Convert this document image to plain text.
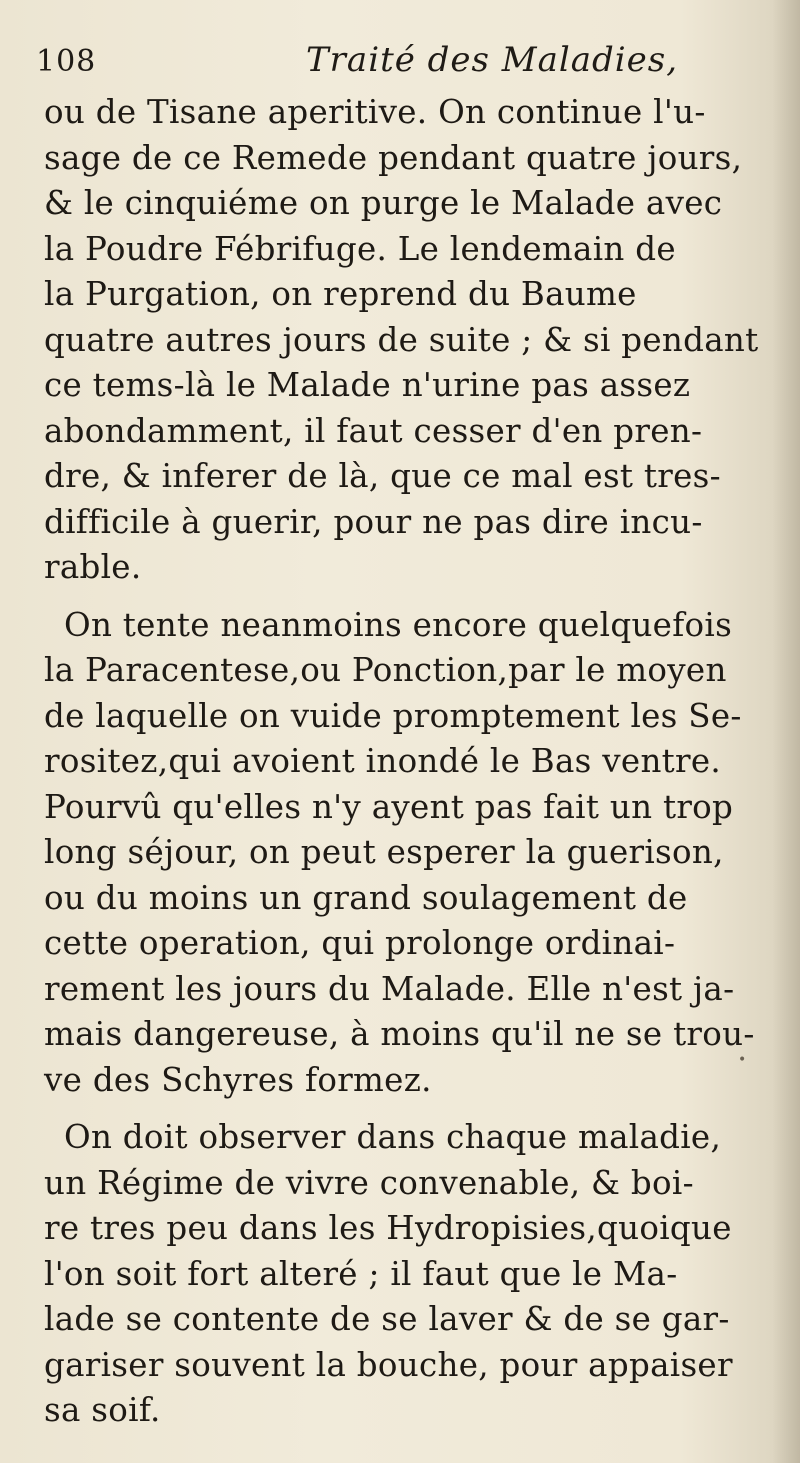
108	Traité des Maladies,
ou de Tisane aperitive. On continue l'u-
sage de ce Remede pendant quatre jours,
& le cinquiéme on purge le Malade avec
la Poudre Fébrifuge. Le lendemain de
la Purgation, on reprend du Baume
quatre autres jours de suite ; & si pendant
ce tems-là le Malade n'urine pas assez
abondamment, il faut cesser d'en pren-
dre, & inferer de là, que ce mal est tres-
difficile à guerir, pour ne pas dire incu-
rable.
On tente neanmoins encore quelquefois
la Paracentese,ou Ponction,par le moyen
de laquelle on vuide promptement les Se-
rositez,qui avoient inondé le Bas ventre.
Pourvû qu'elles n'y ayent pas fait un trop
long séjour, on peut esperer la guerison,
ou du moins un grand soulagement de
cette operation, qui prolonge ordinai-
rement les jours du Malade. Elle n'est ja-
mais dangereuse, à moins qu'il ne se trou-
ve des Schyres formez.
On doit observer dans chaque maladie,
un Régime de vivre convenable, & boi-
re tres peu dans les Hydropisies,quoique
l'on soit fort alteré ; il faut que le Ma-
lade se contente de se laver & de se gar-
gariser souvent la bouche, pour appaiser
sa soif.
•
